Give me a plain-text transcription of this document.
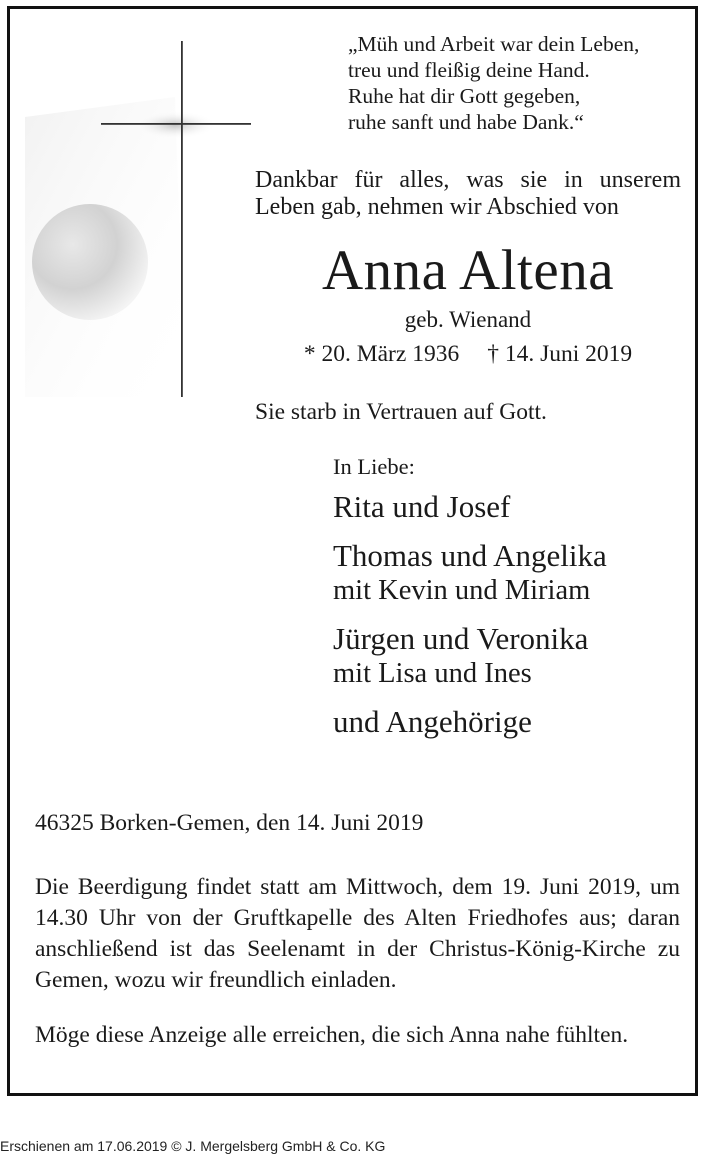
„Müh und Arbeit war dein Leben,
treu und fleißig deine Hand.
Ruhe hat dir Gott gegeben,
ruhe sanft und habe Dank.“
Dankbar für alles, was sie in unserem Leben gab, nehmen wir Abschied von
Anna Altena
geb. Wienand
* 20. März 1936 † 14. Juni 2019
Sie starb in Vertrauen auf Gott.
In Liebe:
Rita und Josef
Thomas und Angelika
mit Kevin und Miriam
Jürgen und Veronika
mit Lisa und Ines
und Angehörige
46325 Borken-Gemen, den 14. Juni 2019
Die Beerdigung findet statt am Mittwoch, dem 19. Juni 2019, um 14.30 Uhr von der Gruftkapelle des Alten Friedhofes aus; daran anschließend ist das Seelenamt in der Christus-König-Kirche zu Gemen, wozu wir freundlich einladen.
Möge diese Anzeige alle erreichen, die sich Anna nahe fühlten.
Erschienen am 17.06.2019 © J. Mergelsberg GmbH & Co. KG
